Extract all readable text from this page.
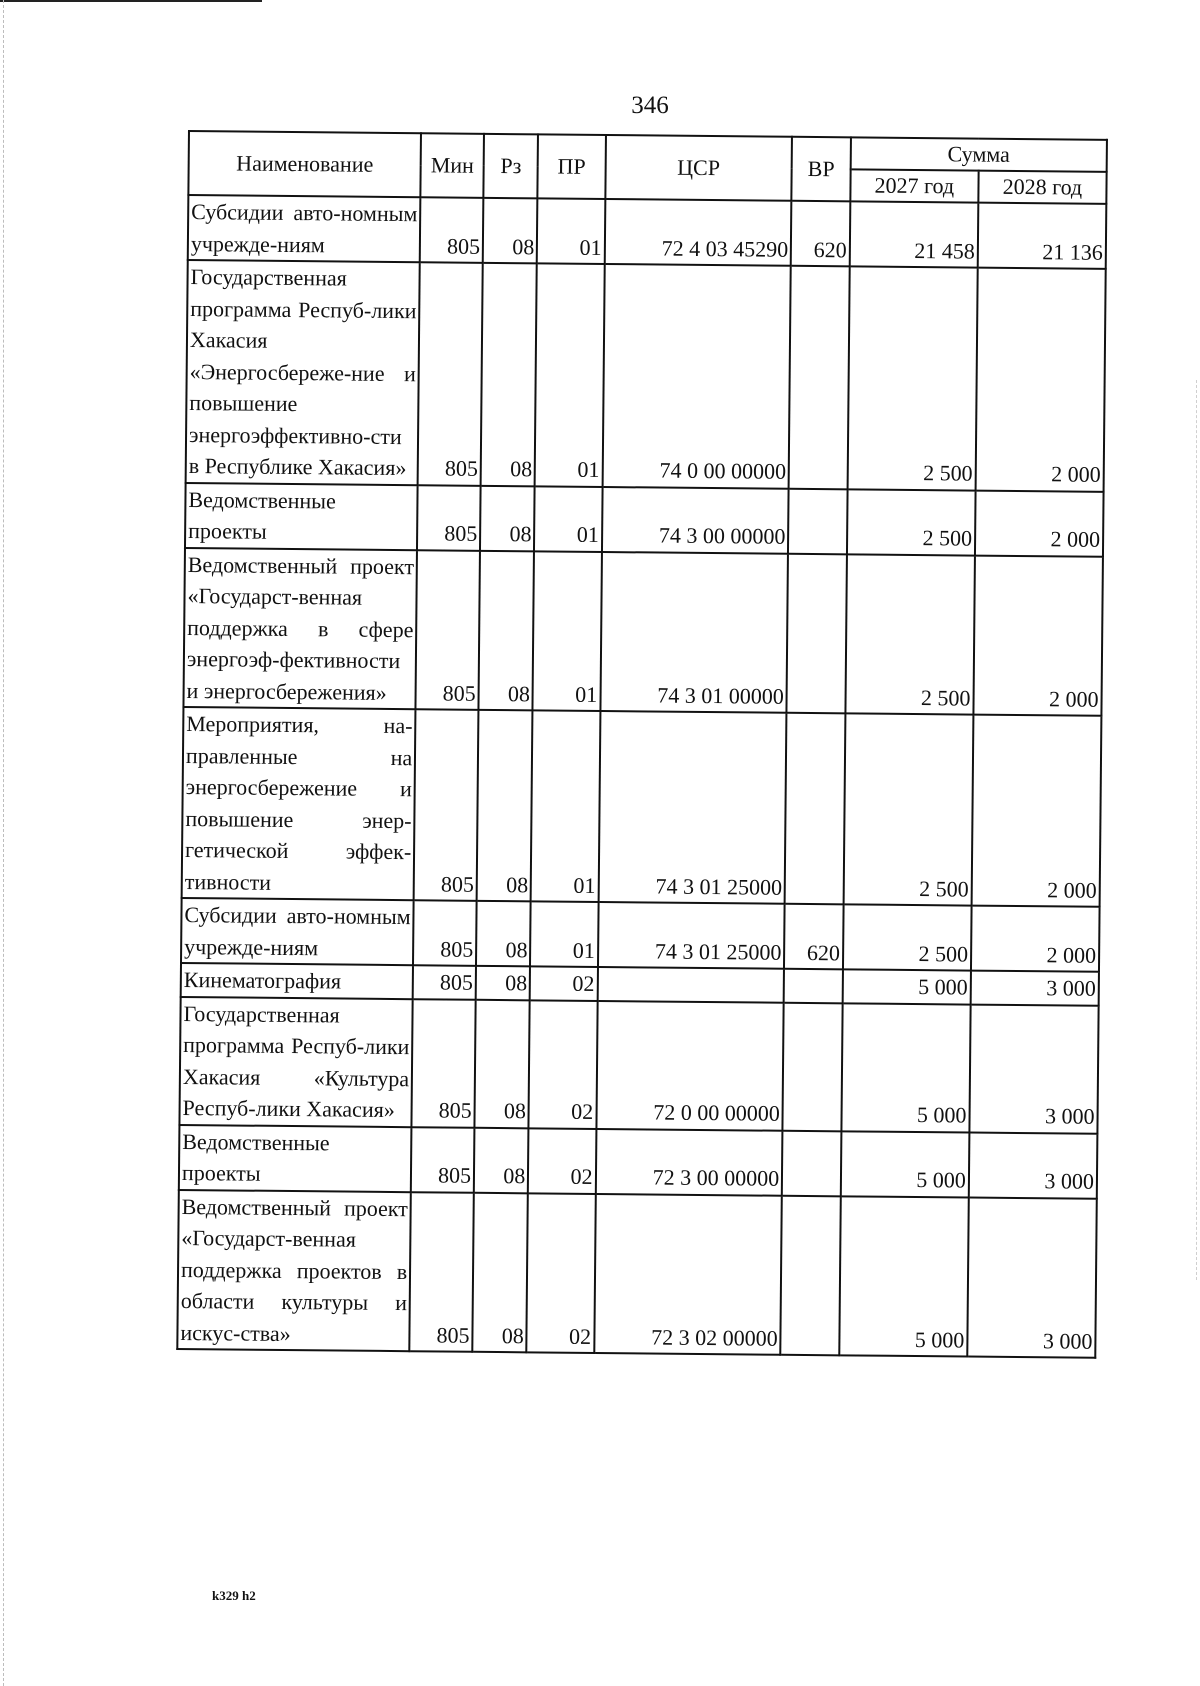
346
Наименование	Мин	Рз	ПР	ЦСР	ВР	Сумма	
						2027 год	2028 год
Субсидии авто-номным учрежде-ниям	805	08	01	72 4 03 45290	620	21 458	21 136
Государственная программа Респуб-лики Хакасия «Энергосбереже-ние и повышение энергоэффективно-сти в Республике Хакасия»	805	08	01	74 0 00 00000		2 500	2 000
Ведомственные проекты	805	08	01	74 3 00 00000		2 500	2 000
Ведомственный проект «Государст-венная поддержка в сфере энергоэф-фективности и энергосбережения»	805	08	01	74 3 01 00000		2 500	2 000
Мероприятия, на-правленные на энергосбережение и повышение энер-гетической эффек-тивности	805	08	01	74 3 01 25000		2 500	2 000
Субсидии авто-номным учрежде-ниям	805	08	01	74 3 01 25000	620	2 500	2 000
Кинематография	805	08	02			5 000	3 000
Государственная программа Респуб-лики Хакасия «Культура Респуб-лики Хакасия»	805	08	02	72 0 00 00000		5 000	3 000
Ведомственные проекты	805	08	02	72 3 00 00000		5 000	3 000
Ведомственный проект «Государст-венная поддержка проектов в области культуры и искус-ства»	805	08	02	72 3 02 00000		5 000	3 000
k329 h2
